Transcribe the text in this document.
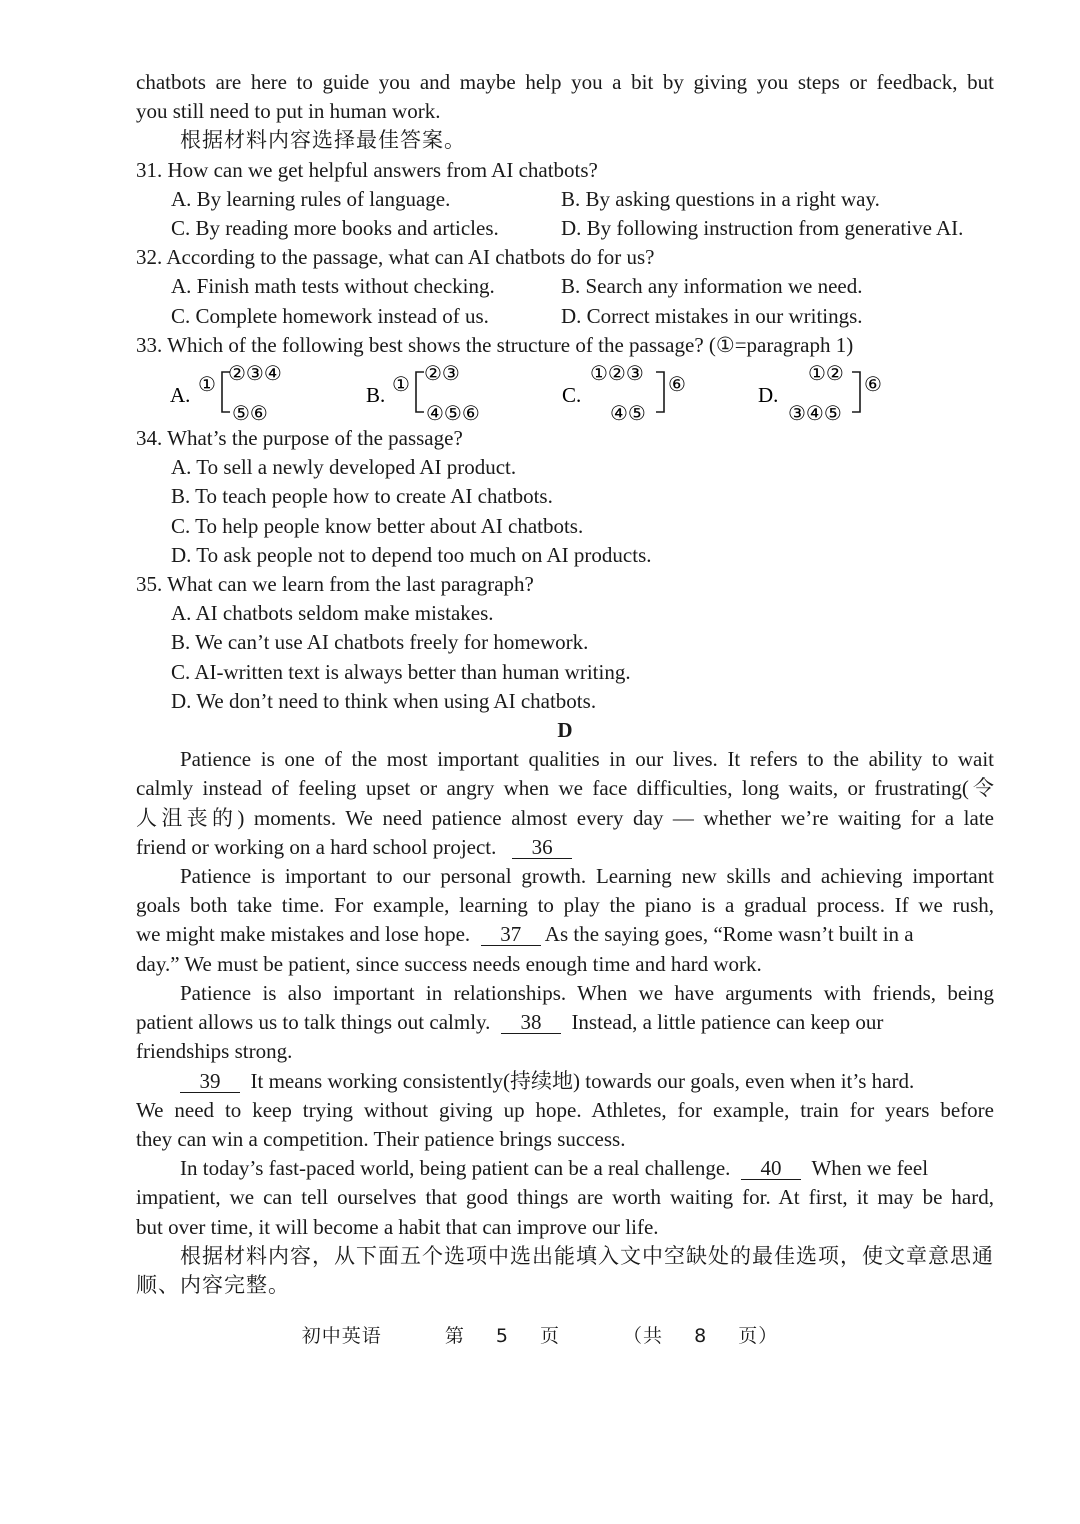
chatbots are here to guide you and maybe help you a bit by giving you steps or feedback, but
you still need to put in human work.
根据材料内容选择最佳答案。
31. How can we get helpful answers from AI chatbots?
A. By learning rules of language.	B. By asking questions in a right way.
C. By reading more books and articles.	D. By following instruction from generative AI.
32. According to the passage, what can AI chatbots do for us?
A. Finish math tests without checking.	B. Search any information we need.
C. Complete homework instead of us.	D. Correct mistakes in our writings.
33. Which of the following best shows the structure of the passage? (①=paragraph 1)
A. ① ②③④
⑤⑥
B. ① ②③
④⑤⑥
C.
①②③
④⑤
⑥	D.
①②
③④⑤
⑥
34. What’s the purpose of the passage?
A. To sell a newly developed AI product.
B. To teach people how to create AI chatbots.
C. To help people know better about AI chatbots.
D. To ask people not to depend too much on AI products.
35. What can we learn from the last paragraph?
A. AI chatbots seldom make mistakes.
B. We can’t use AI chatbots freely for homework.
C. AI-written text is always better than human writing.
D. We don’t need to think when using AI chatbots.
D
Patience is one of the most important qualities in our lives. It refers to the ability to wait
calmly instead of feeling upset or angry when we face difficulties, long waits, or frustrating(令
人沮丧的) moments. We need patience almost every day — whether we’re waiting for a late
friend or working on a hard school project. 36
Patience is important to our personal growth. Learning new skills and achieving important
goals both take time. For example, learning to play the piano is a gradual process. If we rush,
we might make mistakes and lose hope. 37 As the saying goes, “Rome wasn’t built in a
day.” We must be patient, since success needs enough time and hard work.
Patience is also important in relationships. When we have arguments with friends, being
patient allows us to talk things out calmly. 38 Instead, a little patience can keep our
friendships strong.
39 It means working consistently(持续地) towards our goals, even when it’s hard.
We need to keep trying without giving up hope. Athletes, for example, train for years before
they can win a competition. Their patience brings success.
In today’s fast-paced world, being patient can be a real challenge. 40 When we feel
impatient, we can tell ourselves that good things are worth waiting for. At first, it may be hard,
but over time, it will become a habit that can improve our life.
根据材料内容，从下面五个选项中选出能填入文中空缺处的最佳选项，使文章意思通
顺、内容完整。
初中英语	第 5 页	（共 8 页）
